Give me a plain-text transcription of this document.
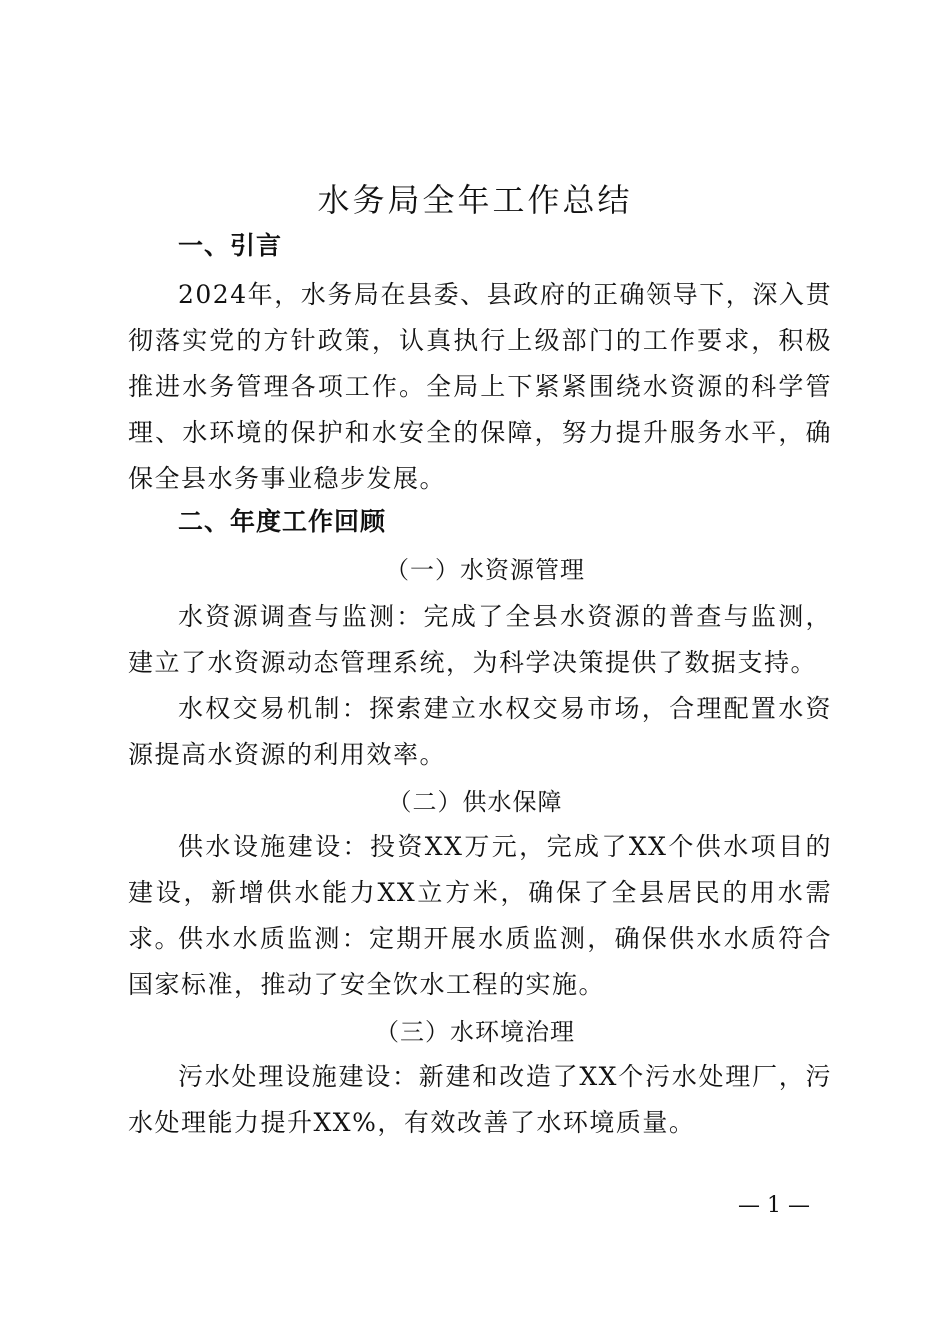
水务局全年工作总结
一、引言
2024年，水务局在县委、县政府的正确领导下，深入贯彻落实党的方针政策，认真执行上级部门的工作要求，积极推进水务管理各项工作。全局上下紧紧围绕水资源的科学管理、水环境的保护和水安全的保障，努力提升服务水平，确保全县水务事业稳步发展。
二、年度工作回顾
（一）水资源管理
水资源调查与监测：完成了全县水资源的普查与监测，建立了水资源动态管理系统，为科学决策提供了数据支持。
水权交易机制：探索建立水权交易市场，合理配置水资源提高水资源的利用效率。
（二）供水保障
供水设施建设：投资XX万元，完成了XX个供水项目的建设，新增供水能力XX立方米，确保了全县居民的用水需求。
供水水质监测：定期开展水质监测，确保供水水质符合国家标准，推动了安全饮水工程的实施。
（三）水环境治理
污水处理设施建设：新建和改造了XX个污水处理厂，污水处理能力提升XX%，有效改善了水环境质量。
— 1 —
